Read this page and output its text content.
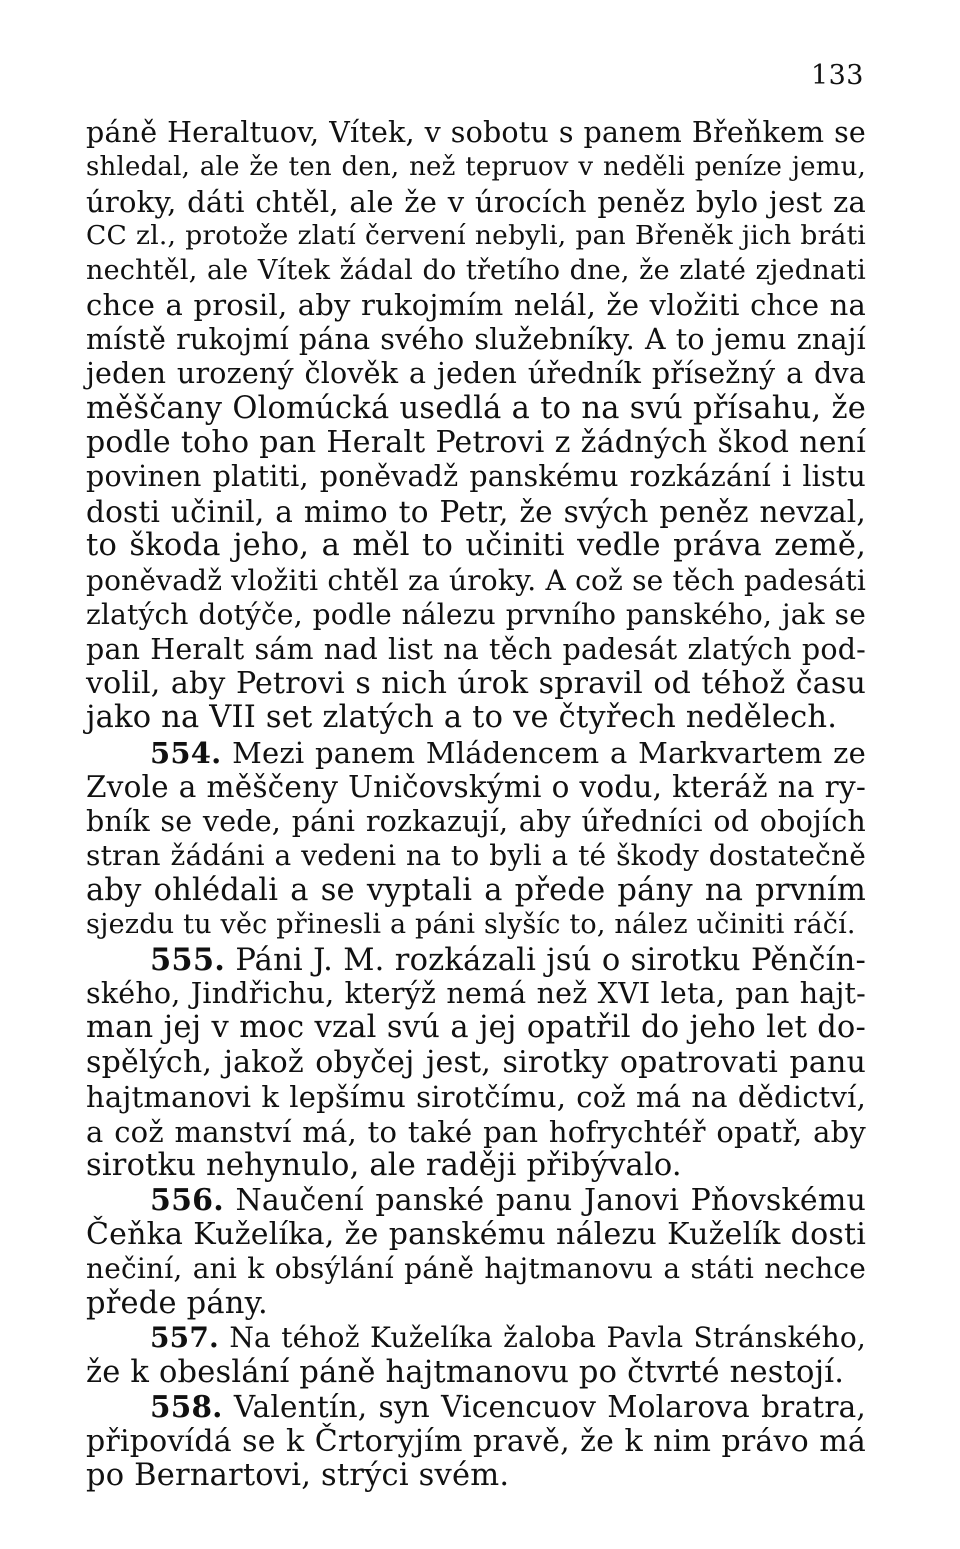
133
páně Heraltuov, Vítek, v sobotu s panem Břeňkem se
shledal, ale že ten den, než tepruov v neděli peníze jemu,
úroky, dáti chtěl, ale že v úrocích peněz bylo jest za
CC zl., protože zlatí červení nebyli, pan Břeněk jich bráti
nechtěl, ale Vítek žádal do třetího dne, že zlaté zjednati
chce a prosil, aby rukojmím nelál, že vložiti chce na
místě rukojmí pána svého služebníky. A to jemu znají
jeden urozený člověk a jeden úředník přísežný a dva
měščany Olomúcká usedlá a to na svú přísahu, že
podle toho pan Heralt Petrovi z žádných škod není
povinen platiti, poněvadž panskému rozkázání i listu
dosti učinil, a mimo to Petr, že svých peněz nevzal,
to škoda jeho, a měl to učiniti vedle práva země,
poněvadž vložiti chtěl za úroky. A což se těch padesáti
zlatých dotýče, podle nálezu prvního panského, jak se
pan Heralt sám nad list na těch padesát zlatých pod-
volil, aby Petrovi s nich úrok spravil od téhož času
jako na VII set zlatých a to ve čtyřech nedělech.
554. Mezi panem Mládencem a Markvartem ze
Zvole a měščeny Uničovskými o vodu, kteráž na ry-
bník se vede, páni rozkazují, aby úředníci od obojích
stran žádáni a vedeni na to byli a té škody dostatečně
aby ohlédali a se vyptali a přede pány na prvním
sjezdu tu věc přinesli a páni slyšíc to, nález učiniti ráčí.
555. Páni J. M. rozkázali jsú o sirotku Pěnčín-
ského, Jindřichu, kterýž nemá než XVI leta, pan hajt-
man jej v moc vzal svú a jej opatřil do jeho let do-
spělých, jakož obyčej jest, sirotky opatrovati panu
hajtmanovi k lepšímu sirotčímu, což má na dědictví,
a což manství má, to také pan hofrychtéř opatř, aby
sirotku nehynulo, ale raději přibývalo.
556. Naučení panské panu Janovi Pňovskému
Čeňka Kuželíka, že panskému nálezu Kuželík dosti
nečiní, ani k obsýlání páně hajtmanovu a státi nechce
přede pány.
557. Na téhož Kuželíka žaloba Pavla Stránského,
že k obeslání páně hajtmanovu po čtvrté nestojí.
558. Valentín, syn Vicencuov Molarova bratra,
připovídá se k Črtoryjím pravě, že k nim právo má
po Bernartovi, strýci svém.
